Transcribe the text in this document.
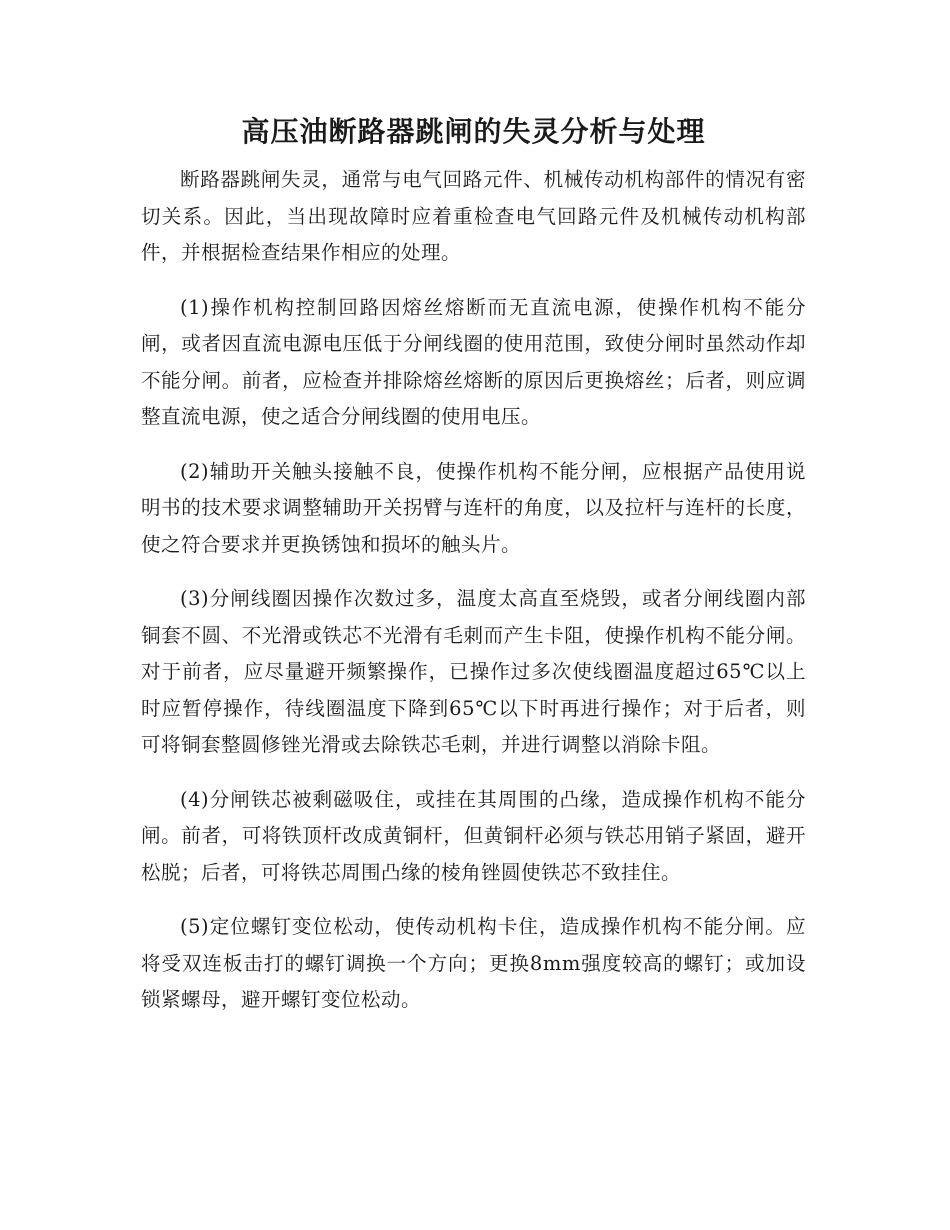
高压油断路器跳闸的失灵分析与处理

断路器跳闸失灵，通常与电气回路元件、机械传动机构部件的情况有密切关系。因此，当出现故障时应着重检查电气回路元件及机械传动机构部件，并根据检查结果作相应的处理。

(1)操作机构控制回路因熔丝熔断而无直流电源，使操作机构不能分闸，或者因直流电源电压低于分闸线圈的使用范围，致使分闸时虽然动作却不能分闸。前者，应检查并排除熔丝熔断的原因后更换熔丝；后者，则应调整直流电源，使之适合分闸线圈的使用电压。

(2)辅助开关触头接触不良，使操作机构不能分闸，应根据产品使用说明书的技术要求调整辅助开关拐臂与连杆的角度，以及拉杆与连杆的长度，使之符合要求并更换锈蚀和损坏的触头片。

(3)分闸线圈因操作次数过多，温度太高直至烧毁，或者分闸线圈内部铜套不圆、不光滑或铁芯不光滑有毛刺而产生卡阻，使操作机构不能分闸。对于前者，应尽量避开频繁操作，已操作过多次使线圈温度超过65℃以上时应暂停操作，待线圈温度下降到65℃以下时再进行操作；对于后者，则可将铜套整圆修锉光滑或去除铁芯毛刺，并进行调整以消除卡阻。

(4)分闸铁芯被剩磁吸住，或挂在其周围的凸缘，造成操作机构不能分闸。前者，可将铁顶杆改成黄铜杆，但黄铜杆必须与铁芯用销子紧固，避开松脱；后者，可将铁芯周围凸缘的棱角锉圆使铁芯不致挂住。

(5)定位螺钉变位松动，使传动机构卡住，造成操作机构不能分闸。应将受双连板击打的螺钉调换一个方向；更换8mm强度较高的螺钉；或加设锁紧螺母，避开螺钉变位松动。
